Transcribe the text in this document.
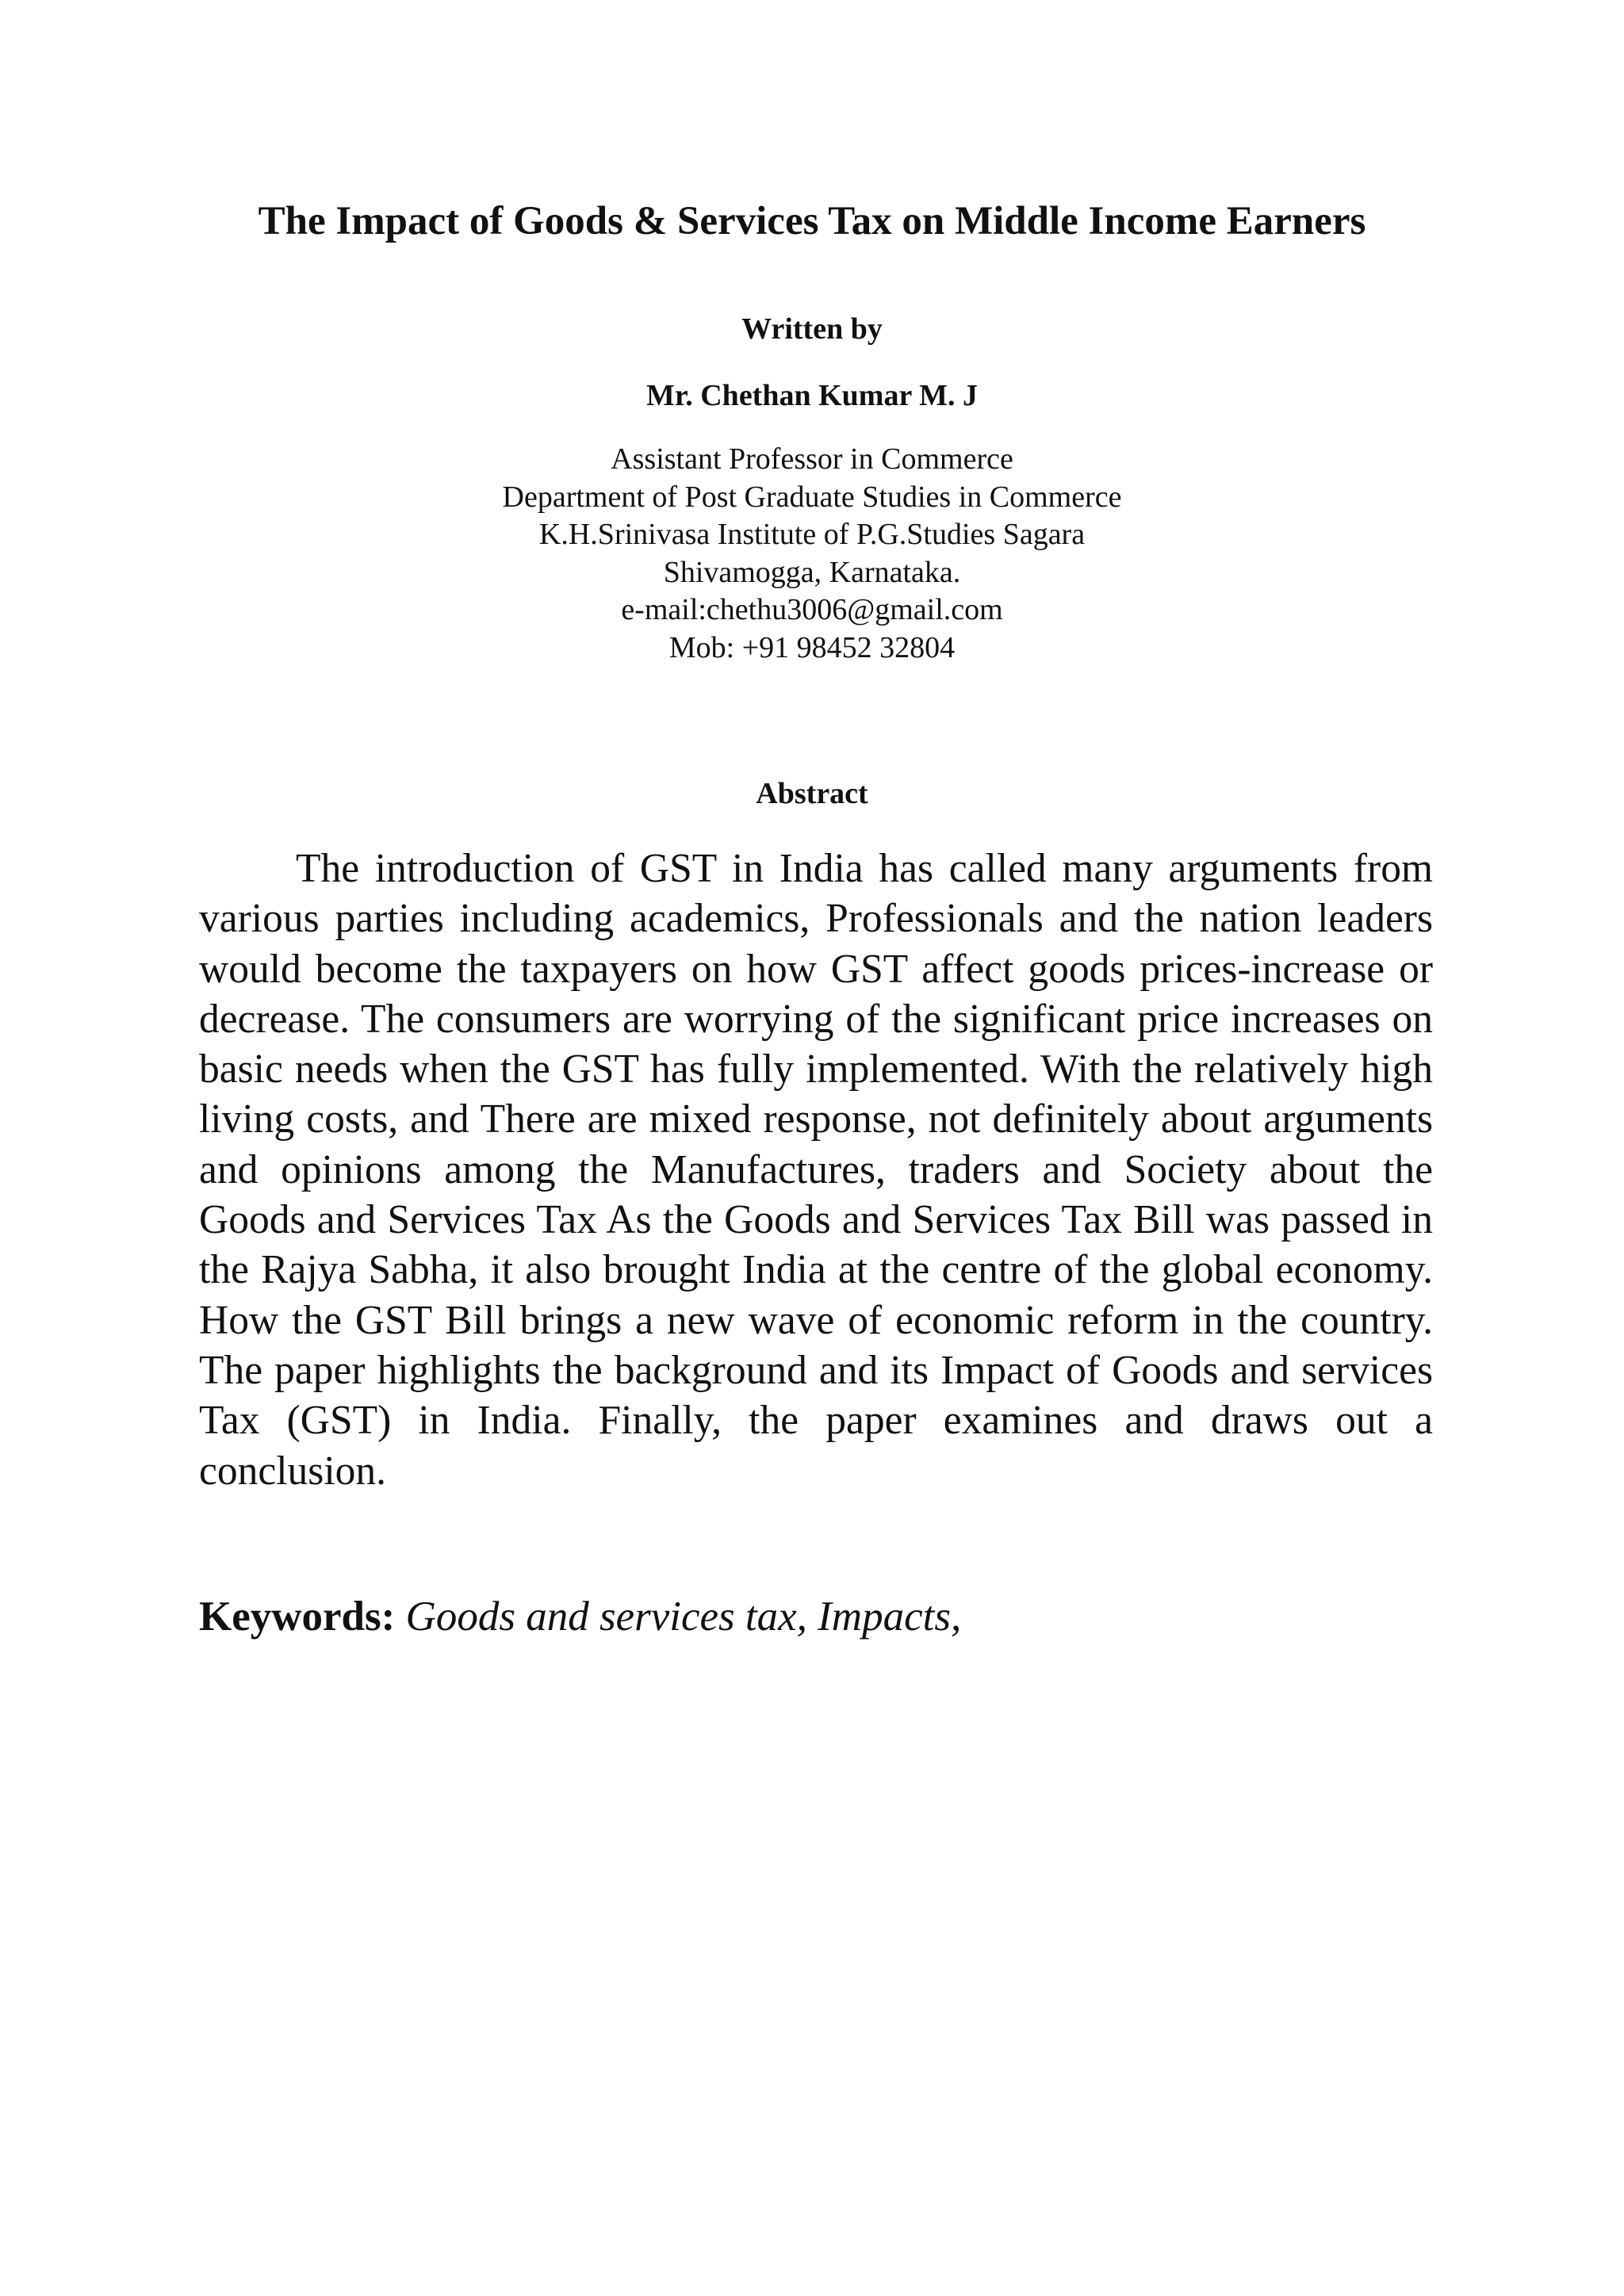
The Impact of Goods & Services Tax on Middle Income Earners
Written by
Mr. Chethan Kumar M. J
Assistant Professor in Commerce
Department of Post Graduate Studies in Commerce
K.H.Srinivasa Institute of P.G.Studies Sagara
Shivamogga, Karnataka.
e-mail:chethu3006@gmail.com
Mob: +91 98452 32804
Abstract

The introduction of GST in India has called many arguments from various parties including academics, Professionals and the nation leaders would become the taxpayers on how GST affect goods prices-increase or decrease. The consumers are worrying of the significant price increases on basic needs when the GST has fully implemented. With the relatively high living costs, and There are mixed response, not definitely about arguments and opinions among the Manufactures, traders and Society about the Goods and Services Tax As the Goods and Services Tax Bill was passed in the Rajya Sabha, it also brought India at the centre of the global economy. How the GST Bill brings a new wave of economic reform in the country. The paper highlights the background and its Impact of Goods and services Tax (GST) in India. Finally, the paper examines and draws out a conclusion.

Keywords: Goods and services tax, Impacts,
